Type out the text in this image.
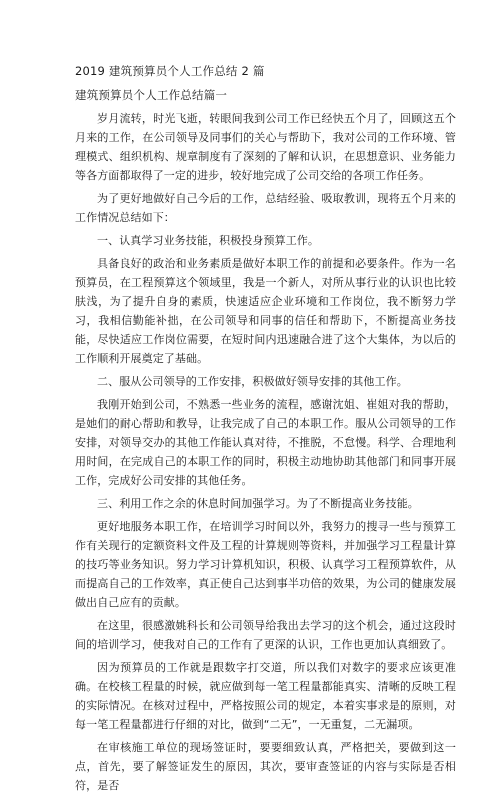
2019 建筑预算员个人工作总结 2 篇
建筑预算员个人工作总结篇一

岁月流转，时光飞逝，转眼间我到公司工作已经快五个月了，回顾这五个月来的工作，在公司领导及同事们的关心与帮助下，我对公司的工作环境、管理模式、组织机构、规章制度有了深刻的了解和认识，在思想意识、业务能力等各方面都取得了一定的进步，较好地完成了公司交给的各项工作任务。

为了更好地做好自己今后的工作，总结经验、吸取教训，现将五个月来的工作情况总结如下：

一、认真学习业务技能，积极投身预算工作。

具备良好的政治和业务素质是做好本职工作的前提和必要条件。作为一名预算员，在工程预算这个领域里，我是一个新人，对所从事行业的认识也比较肤浅，为了提升自身的素质，快速适应企业环境和工作岗位，我不断努力学习，我相信勤能补拙，在公司领导和同事的信任和帮助下，不断提高业务技能，尽快适应工作岗位需要，在短时间内迅速融合进了这个大集体，为以后的工作顺利开展奠定了基础。

二、服从公司领导的工作安排，积极做好领导安排的其他工作。

我刚开始到公司，不熟悉一些业务的流程，感谢沈姐、崔姐对我的帮助，是她们的耐心帮助和教导，让我完成了自己的本职工作。服从公司领导的工作安排，对领导交办的其他工作能认真对待，不推脱，不怠慢。科学、合理地利用时间，在完成自己的本职工作的同时，积极主动地协助其他部门和同事开展工作，完成好公司安排的其他任务。

三、利用工作之余的休息时间加强学习。为了不断提高业务技能。

更好地服务本职工作，在培训学习时间以外，我努力的搜寻一些与预算工作有关现行的定额资料文件及工程的计算规则等资料，并加强学习工程量计算的技巧等业务知识。努力学习计算机知识，积极、认真学习工程预算软件，从而提高自己的工作效率，真正使自己达到事半功倍的效果，为公司的健康发展做出自己应有的贡献。

在这里，很感激姚科长和公司领导给我出去学习的这个机会，通过这段时间的培训学习，使我对自己的工作有了更深的认识，工作也更加认真细致了。

因为预算员的工作就是跟数字打交道，所以我们对数字的要求应该更准确。在校核工程量的时候，就应做到每一笔工程量都能真实、清晰的反映工程的实际情况。在核对过程中，严格按照公司的规定，本着实事求是的原则，对每一笔工程量都进行仔细的对比，做到“二无”，一无重复，二无漏项。

在审核施工单位的现场签证时，要要细致认真，严格把关，要做到这一点，首先，要了解签证发生的原因，其次，要审查签证的内容与实际是否相符，是否
